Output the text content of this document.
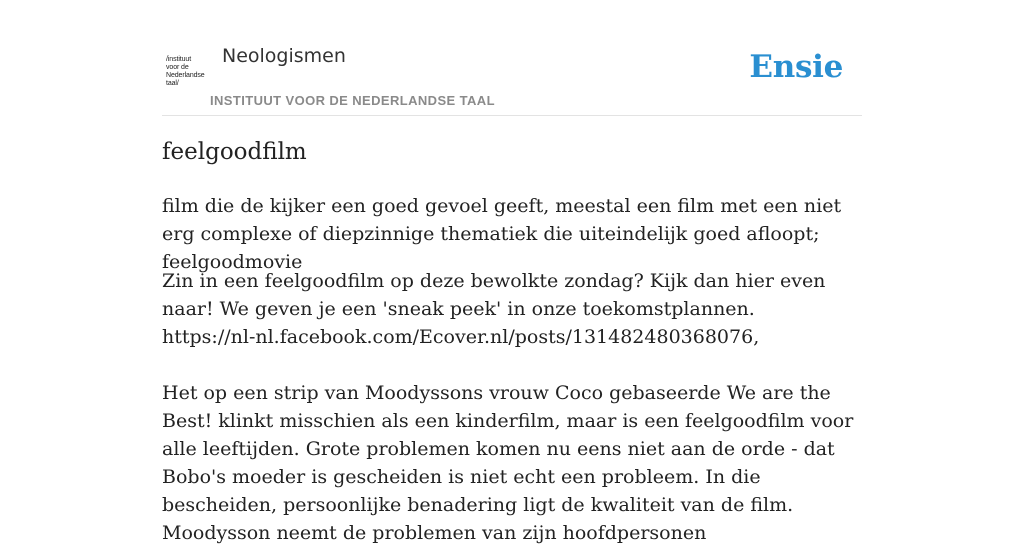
/instituut
voor de
Nederlandse
taal/
Neologismen
INSTITUUT VOOR DE NEDERLANDSE TAAL
Ensie
feelgoodfilm

film die de kijker een goed gevoel geeft, meestal een film met een niet erg complexe of diepzinnige thematiek die uiteindelijk goed afloopt; feelgoodmovie

Zin in een feelgoodfilm op deze bewolkte zondag? Kijk dan hier even naar! We geven je een 'sneak peek' in onze toekomstplannen.
https://nl-nl.facebook.com/Ecover.nl/posts/131482480368076,

Het op een strip van Moodyssons vrouw Coco gebaseerde We are the Best! klinkt misschien als een kinderfilm, maar is een feelgoodfilm voor alle leeftijden. Grote problemen komen nu eens niet aan de orde - dat Bobo's moeder is gescheiden is niet echt een probleem. In die bescheiden, persoonlijke benadering ligt de kwaliteit van de film. Moodysson neemt de problemen van zijn hoofdpersonen
